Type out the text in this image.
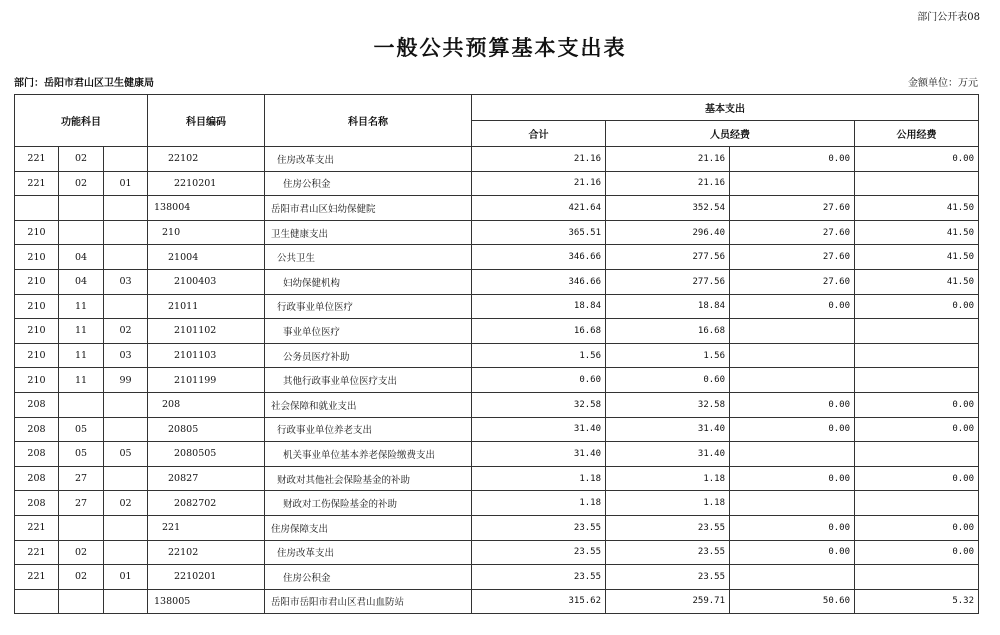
部门公开表08
一般公共预算基本支出表
部门：岳阳市君山区卫生健康局	金额单位：万元
功能科目			科目编码	科目名称	基本支出			
					合计	人员经费		公用经费
221	02		22102	住房改革支出	21.16	21.16	0.00	0.00
221	02	01	2210201	住房公积金	21.16	21.16		
			138004	岳阳市君山区妇幼保健院	421.64	352.54	27.60	41.50
210			210	卫生健康支出	365.51	296.40	27.60	41.50
210	04		21004	公共卫生	346.66	277.56	27.60	41.50
210	04	03	2100403	妇幼保健机构	346.66	277.56	27.60	41.50
210	11		21011	行政事业单位医疗	18.84	18.84	0.00	0.00
210	11	02	2101102	事业单位医疗	16.68	16.68		
210	11	03	2101103	公务员医疗补助	1.56	1.56		
210	11	99	2101199	其他行政事业单位医疗支出	0.60	0.60		
208			208	社会保障和就业支出	32.58	32.58	0.00	0.00
208	05		20805	行政事业单位养老支出	31.40	31.40	0.00	0.00
208	05	05	2080505	机关事业单位基本养老保险缴费支出	31.40	31.40		
208	27		20827	财政对其他社会保险基金的补助	1.18	1.18	0.00	0.00
208	27	02	2082702	财政对工伤保险基金的补助	1.18	1.18		
221			221	住房保障支出	23.55	23.55	0.00	0.00
221	02		22102	住房改革支出	23.55	23.55	0.00	0.00
221	02	01	2210201	住房公积金	23.55	23.55		
			138005	岳阳市岳阳市君山区君山血防站	315.62	259.71	50.60	5.32
